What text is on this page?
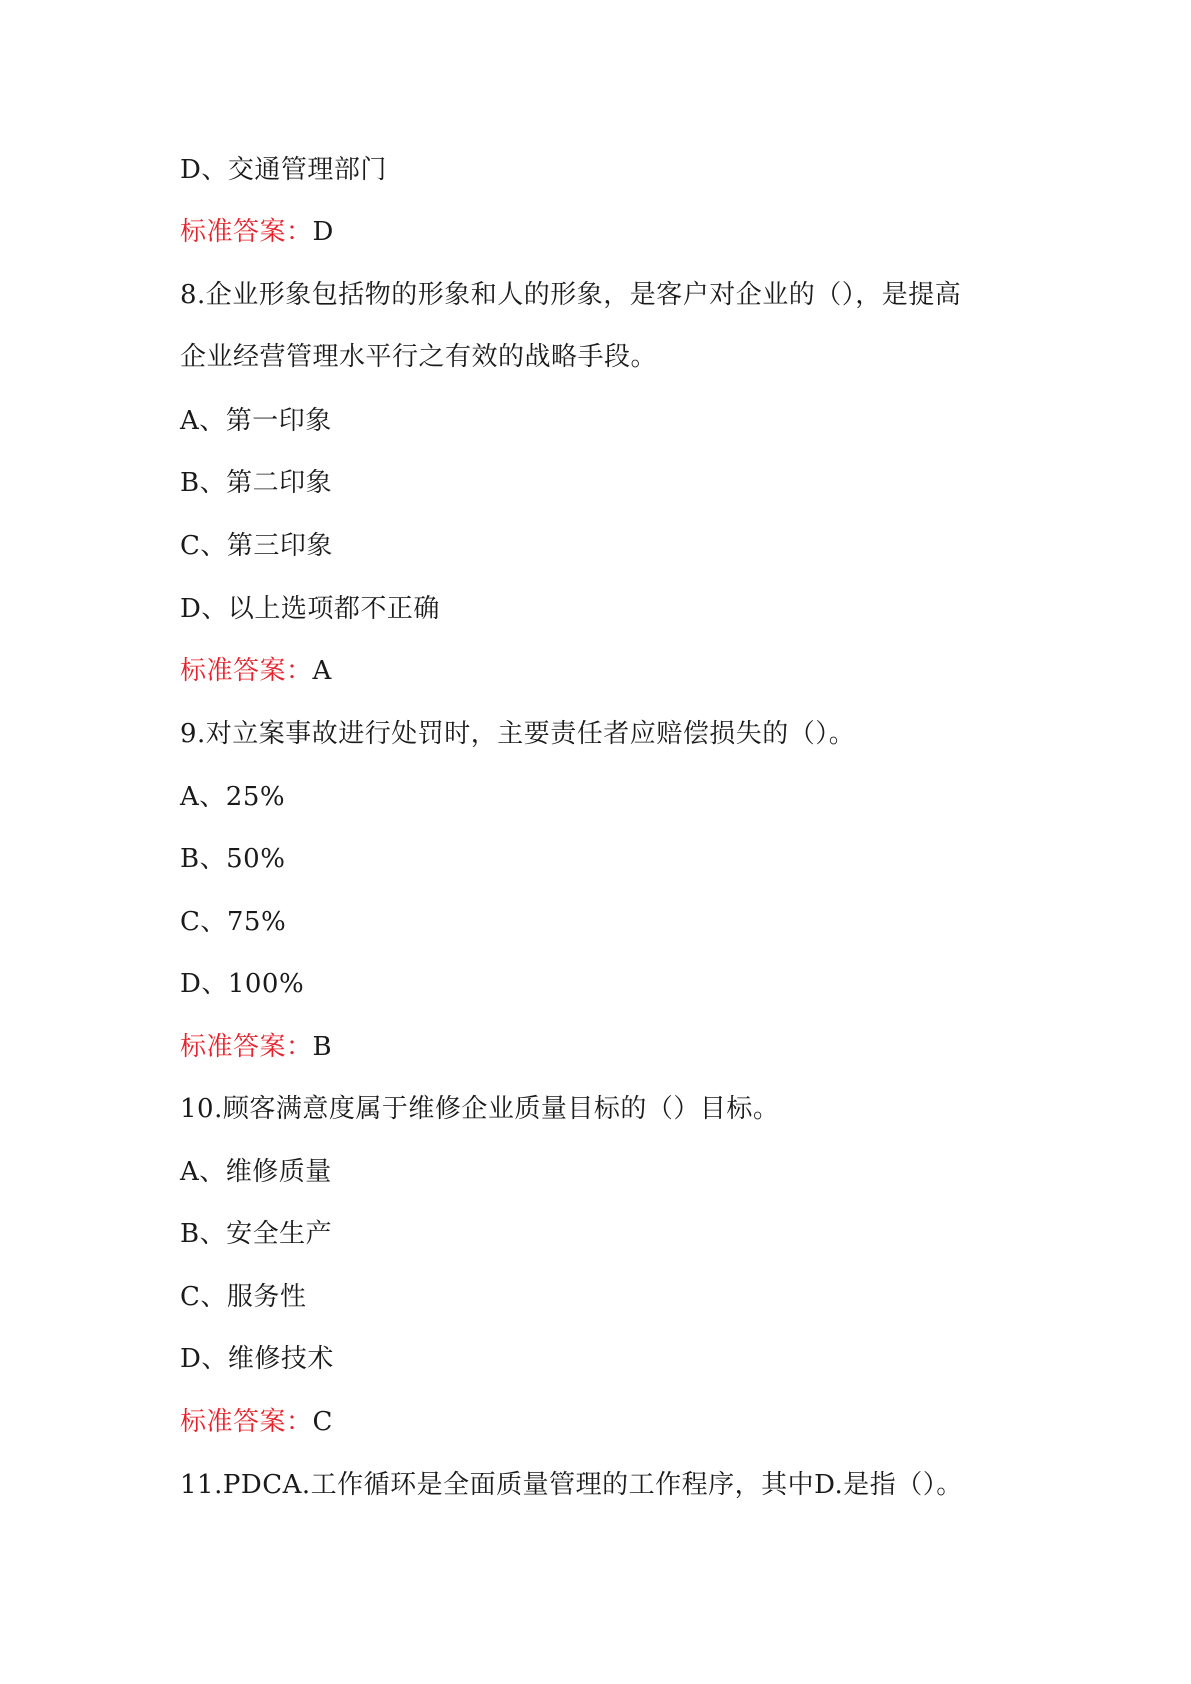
D、交通管理部门
标准答案：D
8.企业形象包括物的形象和人的形象，是客户对企业的（），是提高
企业经营管理水平行之有效的战略手段。
A、第一印象
B、第二印象
C、第三印象
D、以上选项都不正确
标准答案：A
9.对立案事故进行处罚时，主要责任者应赔偿损失的（）。
A、25%
B、50%
C、75%
D、100%
标准答案：B
10.顾客满意度属于维修企业质量目标的（）目标。
A、维修质量
B、安全生产
C、服务性
D、维修技术
标准答案：C
11.PDCA.工作循环是全面质量管理的工作程序，其中D.是指（）。
